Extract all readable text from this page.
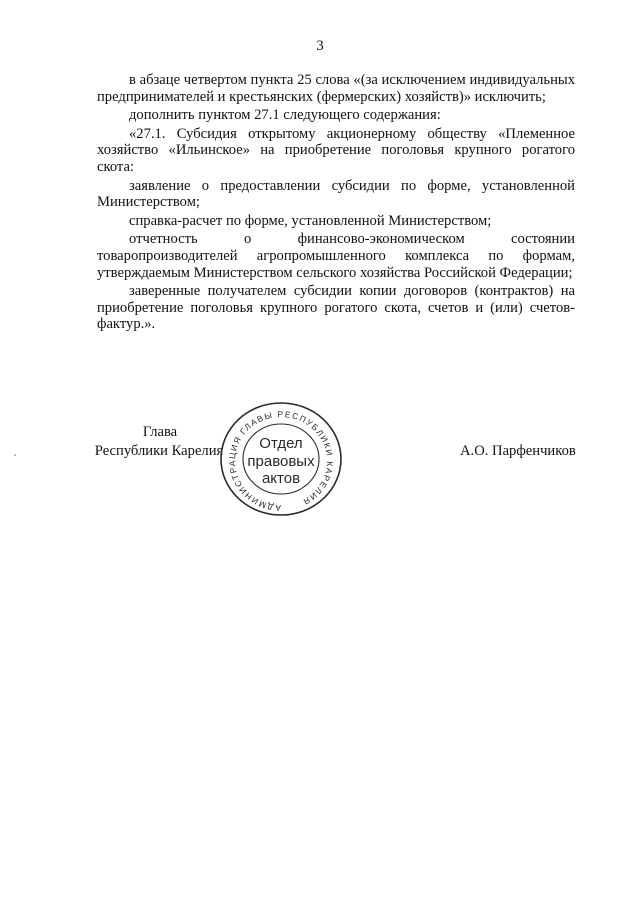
3

в абзаце четвертом пункта 25 слова «(за исключением индивидуальных предпринимателей и крестьянских (фермерских) хозяйств)» исключить;

дополнить пунктом 27.1 следующего содержания:

«27.1. Субсидия открытому акционерному обществу «Племенное хозяйство «Ильинское» на приобретение поголовья крупного рогатого скота:

заявление о предоставлении субсидии по форме, установленной Министерством;

справка-расчет по форме, установленной Министерством;

отчетность о финансово-экономическом состоянии товаропроизводителей агропромышленного комплекса по формам, утверждаемым Министерством сельского хозяйства Российской Федерации;

заверенные получателем субсидии копии договоров (контрактов) на приобретение поголовья крупного рогатого скота, счетов и (или) счетов-фактур.».

Глава
Республики Карелия	А.О. Парфенчиков
АДМИНИСТРАЦИЯ ГЛАВЫ РЕСПУБЛИКИ КАРЕЛИЯ
Отдел
правовых
актов
